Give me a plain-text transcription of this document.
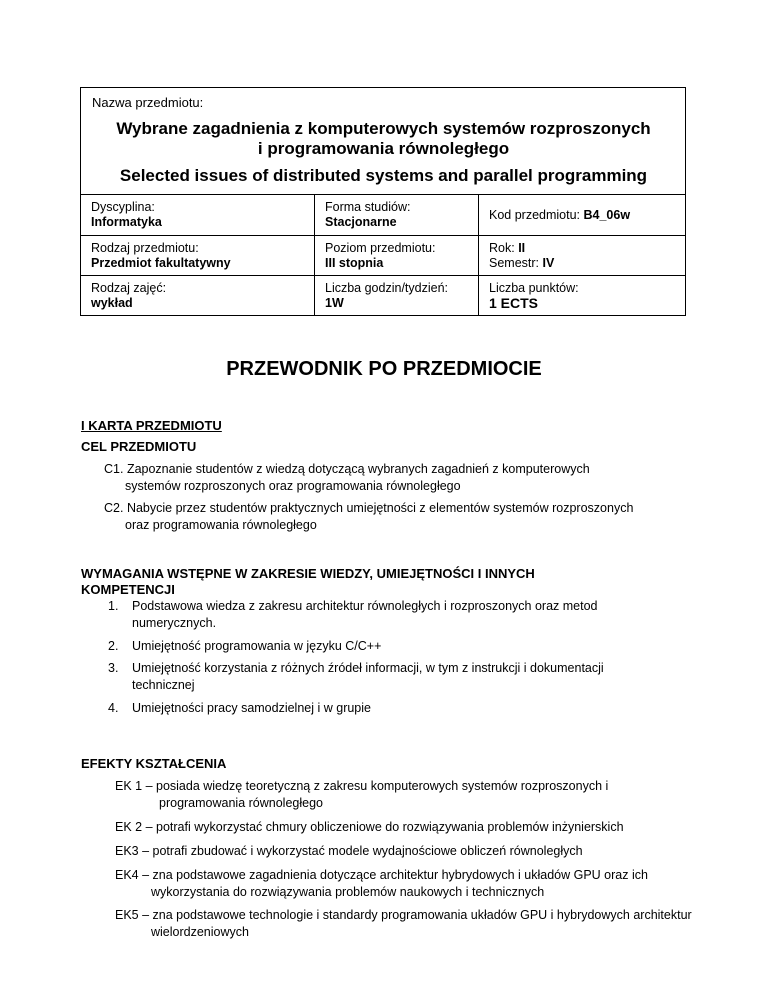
Nazwa przedmiotu:
Wybrane zagadnienia z komputerowych systemów rozproszonych
i programowania równoległego
Selected issues of distributed systems and parallel programming
Dyscyplina:
Informatyka
Forma studiów:
Stacjonarne
Kod przedmiotu: B4_06w
Rodzaj przedmiotu:
Przedmiot fakultatywny
Poziom przedmiotu:
III stopnia
Rok: II
Semestr: IV
Rodzaj zajęć:
wykład
Liczba godzin/tydzień:
1W
Liczba punktów:
1 ECTS
PRZEWODNIK PO PRZEDMIOCIE
I KARTA PRZEDMIOTU
CEL PRZEDMIOTU
C1. Zapoznanie studentów z wiedzą dotyczącą wybranych zagadnień z komputerowych
systemów rozproszonych oraz programowania równoległego
C2. Nabycie przez studentów praktycznych umiejętności z elementów systemów rozproszonych
oraz programowania równoległego
WYMAGANIA WSTĘPNE W ZAKRESIE WIEDZY, UMIEJĘTNOŚCI I INNYCH
KOMPETENCJI
1. Podstawowa wiedza z zakresu architektur równoległych i rozproszonych oraz metod
numerycznych.
2. Umiejętność programowania w języku C/C++
3. Umiejętność korzystania z różnych źródeł informacji, w tym z instrukcji i dokumentacji
technicznej
4. Umiejętności pracy samodzielnej i w grupie
EFEKTY KSZTAŁCENIA
EK 1 – posiada wiedzę teoretyczną z zakresu komputerowych systemów rozproszonych i
programowania równoległego
EK 2 – potrafi wykorzystać chmury obliczeniowe do rozwiązywania problemów inżynierskich
EK3 – potrafi zbudować i wykorzystać modele wydajnościowe obliczeń równoległych
EK4 – zna podstawowe zagadnienia dotyczące architektur hybrydowych i układów GPU oraz ich
wykorzystania do rozwiązywania problemów naukowych i technicznych
EK5 – zna podstawowe technologie i standardy programowania układów GPU i hybrydowych architektur
wielordzeniowych
